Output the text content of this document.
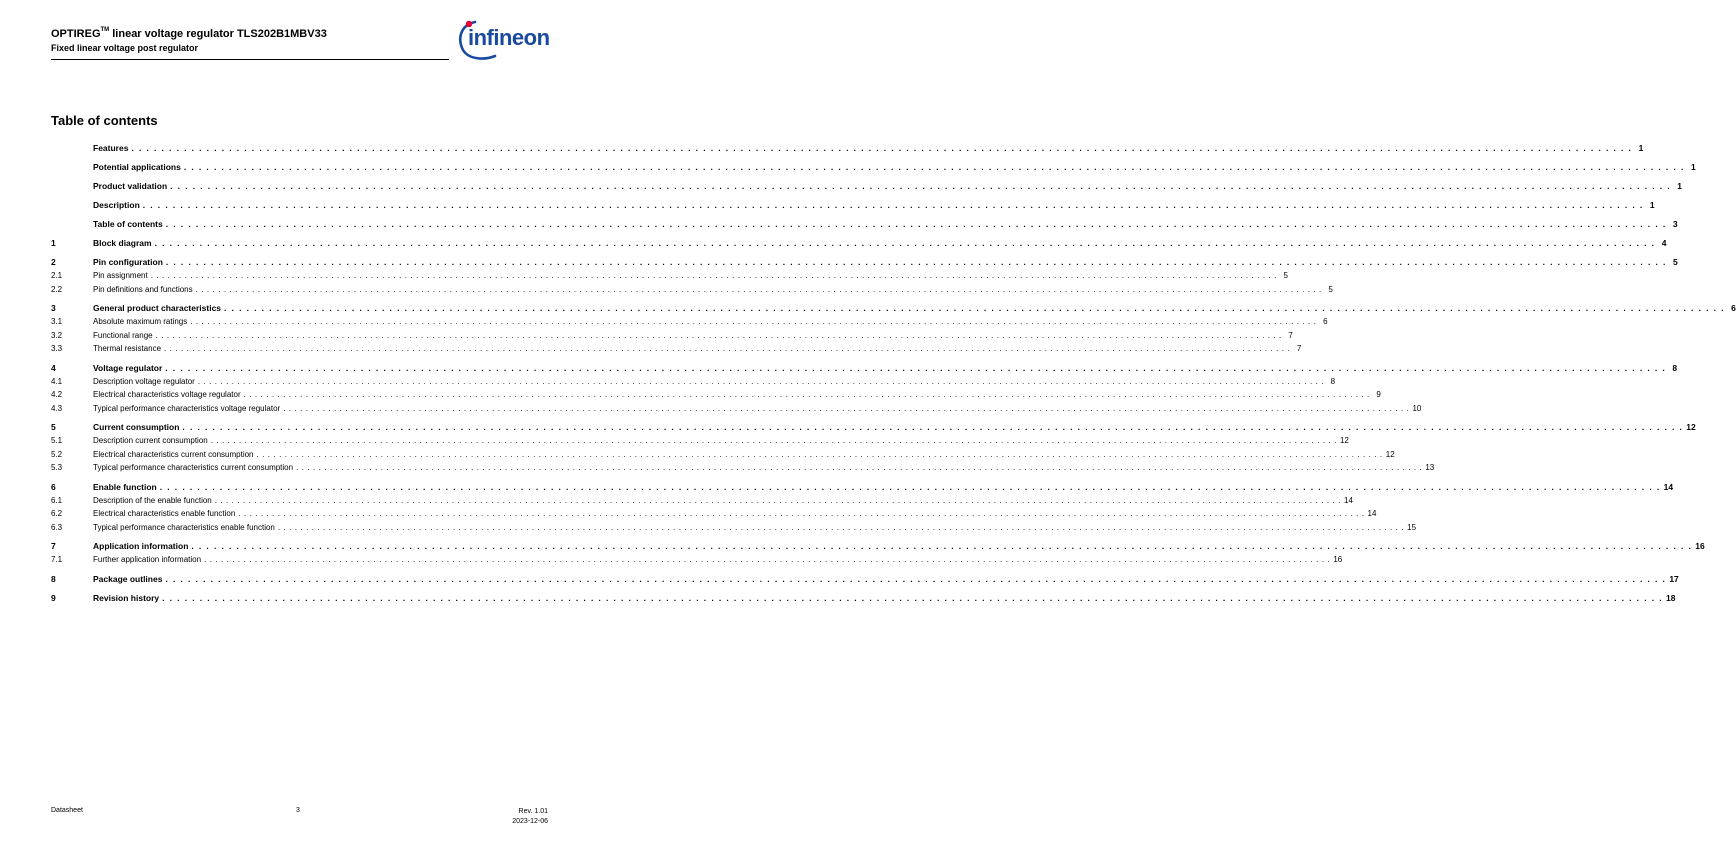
OPTIREG™ linear voltage regulator TLS202B1MBV33
Fixed linear voltage post regulator	infineon
Table of contents
Features . . . . . . . . . . . . . . . . . . . . . . . . . . . . . . . . . . . . . . . . . . . . . . . . . . . . . . . . . . . . . . . . . . . . . . . . . . . . . . . . . . . . . . . . . . . . . . . . . . . . . . . . . . . . . . . . . . . . . . . . . . . . . . . . . . . . . . . . . . . . . . . . . . . . . . . . . . . . . . . . . . . . . . . . . . . . . . . . . . . . . . . . . . . . . . . . . . . . . . . . 1
Potential applications . . . . . . . . . . . . . . . . . . . . . . . . . . . . . . . . . . . . . . . . . . . . . . . . . . . . . . . . . . . . . . . . . . . . . . . . . . . . . . . . . . . . . . . . . . . . . . . . . . . . . . . . . . . . . . . . . . . . . . . . . . . . . . . . . . . . . . . . . . . . . . . . . . . . . . . . . . . . . . . . . . . . . . . . . . . . . . . . . . . . . . . . . . . . . . . . . . . . . . . . 1
Product validation . . . . . . . . . . . . . . . . . . . . . . . . . . . . . . . . . . . . . . . . . . . . . . . . . . . . . . . . . . . . . . . . . . . . . . . . . . . . . . . . . . . . . . . . . . . . . . . . . . . . . . . . . . . . . . . . . . . . . . . . . . . . . . . . . . . . . . . . . . . . . . . . . . . . . . . . . . . . . . . . . . . . . . . . . . . . . . . . . . . . . . . . . . . . . . . . . . . . . . . . 1
Description . . . . . . . . . . . . . . . . . . . . . . . . . . . . . . . . . . . . . . . . . . . . . . . . . . . . . . . . . . . . . . . . . . . . . . . . . . . . . . . . . . . . . . . . . . . . . . . . . . . . . . . . . . . . . . . . . . . . . . . . . . . . . . . . . . . . . . . . . . . . . . . . . . . . . . . . . . . . . . . . . . . . . . . . . . . . . . . . . . . . . . . . . . . . . . . . . . . . . . . . 1
Table of contents . . . . . . . . . . . . . . . . . . . . . . . . . . . . . . . . . . . . . . . . . . . . . . . . . . . . . . . . . . . . . . . . . . . . . . . . . . . . . . . . . . . . . . . . . . . . . . . . . . . . . . . . . . . . . . . . . . . . . . . . . . . . . . . . . . . . . . . . . . . . . . . . . . . . . . . . . . . . . . . . . . . . . . . . . . . . . . . . . . . . . . . . . . . . . . . . . . . . . . . . 3
1	Block diagram . . . . . . . . . . . . . . . . . . . . . . . . . . . . . . . . . . . . . . . . . . . . . . . . . . . . . . . . . . . . . . . . . . . . . . . . . . . . . . . . . . . . . . . . . . . . . . . . . . . . . . . . . . . . . . . . . . . . . . . . . . . . . . . . . . . . . . . . . . . . . . . . . . . . . . . . . . . . . . . . . . . . . . . . . . . . . . . . . . . . . . . . . . . . . . . . . . . . . . . . 4
2	Pin configuration . . . . . . . . . . . . . . . . . . . . . . . . . . . . . . . . . . . . . . . . . . . . . . . . . . . . . . . . . . . . . . . . . . . . . . . . . . . . . . . . . . . . . . . . . . . . . . . . . . . . . . . . . . . . . . . . . . . . . . . . . . . . . . . . . . . . . . . . . . . . . . . . . . . . . . . . . . . . . . . . . . . . . . . . . . . . . . . . . . . . . . . . . . . . . . . . . . . . . . . . 5
2.1	Pin assignment . . . . . . . . . . . . . . . . . . . . . . . . . . . . . . . . . . . . . . . . . . . . . . . . . . . . . . . . . . . . . . . . . . . . . . . . . . . . . . . . . . . . . . . . . . . . . . . . . . . . . . . . . . . . . . . . . . . . . . . . . . . . . . . . . . . . . . . . . . . . . . . . . . . . . . . . . . . . . . . . . . . . . . . . . . . . . . . . . . . . . . . . . . . . . . . . . . . . . . . . 5
2.2	Pin definitions and functions . . . . . . . . . . . . . . . . . . . . . . . . . . . . . . . . . . . . . . . . . . . . . . . . . . . . . . . . . . . . . . . . . . . . . . . . . . . . . . . . . . . . . . . . . . . . . . . . . . . . . . . . . . . . . . . . . . . . . . . . . . . . . . . . . . . . . . . . . . . . . . . . . . . . . . . . . . . . . . . . . . . . . . . . . . . . . . . . . . . . . . . . . . . . . . . . . . . . . . . . 5
3	General product characteristics . . . . . . . . . . . . . . . . . . . . . . . . . . . . . . . . . . . . . . . . . . . . . . . . . . . . . . . . . . . . . . . . . . . . . . . . . . . . . . . . . . . . . . . . . . . . . . . . . . . . . . . . . . . . . . . . . . . . . . . . . . . . . . . . . . . . . . . . . . . . . . . . . . . . . . . . . . . . . . . . . . . . . . . . . . . . . . . . . . . . . . . . . . . . . . . . . . . . . . . . 6
3.1	Absolute maximum ratings . . . . . . . . . . . . . . . . . . . . . . . . . . . . . . . . . . . . . . . . . . . . . . . . . . . . . . . . . . . . . . . . . . . . . . . . . . . . . . . . . . . . . . . . . . . . . . . . . . . . . . . . . . . . . . . . . . . . . . . . . . . . . . . . . . . . . . . . . . . . . . . . . . . . . . . . . . . . . . . . . . . . . . . . . . . . . . . . . . . . . . . . . . . . . . . . . . . . . . . . 6
3.2	Functional range . . . . . . . . . . . . . . . . . . . . . . . . . . . . . . . . . . . . . . . . . . . . . . . . . . . . . . . . . . . . . . . . . . . . . . . . . . . . . . . . . . . . . . . . . . . . . . . . . . . . . . . . . . . . . . . . . . . . . . . . . . . . . . . . . . . . . . . . . . . . . . . . . . . . . . . . . . . . . . . . . . . . . . . . . . . . . . . . . . . . . . . . . . . . . . . . . . . . . . . . 7
3.3	Thermal resistance . . . . . . . . . . . . . . . . . . . . . . . . . . . . . . . . . . . . . . . . . . . . . . . . . . . . . . . . . . . . . . . . . . . . . . . . . . . . . . . . . . . . . . . . . . . . . . . . . . . . . . . . . . . . . . . . . . . . . . . . . . . . . . . . . . . . . . . . . . . . . . . . . . . . . . . . . . . . . . . . . . . . . . . . . . . . . . . . . . . . . . . . . . . . . . . . . . . . . . . . 7
4	Voltage regulator . . . . . . . . . . . . . . . . . . . . . . . . . . . . . . . . . . . . . . . . . . . . . . . . . . . . . . . . . . . . . . . . . . . . . . . . . . . . . . . . . . . . . . . . . . . . . . . . . . . . . . . . . . . . . . . . . . . . . . . . . . . . . . . . . . . . . . . . . . . . . . . . . . . . . . . . . . . . . . . . . . . . . . . . . . . . . . . . . . . . . . . . . . . . . . . . . . . . . . . . 8
4.1	Description voltage regulator . . . . . . . . . . . . . . . . . . . . . . . . . . . . . . . . . . . . . . . . . . . . . . . . . . . . . . . . . . . . . . . . . . . . . . . . . . . . . . . . . . . . . . . . . . . . . . . . . . . . . . . . . . . . . . . . . . . . . . . . . . . . . . . . . . . . . . . . . . . . . . . . . . . . . . . . . . . . . . . . . . . . . . . . . . . . . . . . . . . . . . . . . . . . . . . . . . . . . . . . 8
4.2	Electrical characteristics voltage regulator . . . . . . . . . . . . . . . . . . . . . . . . . . . . . . . . . . . . . . . . . . . . . . . . . . . . . . . . . . . . . . . . . . . . . . . . . . . . . . . . . . . . . . . . . . . . . . . . . . . . . . . . . . . . . . . . . . . . . . . . . . . . . . . . . . . . . . . . . . . . . . . . . . . . . . . . . . . . . . . . . . . . . . . . . . . . . . . . . . . . . . . . . . . . . . . . . . . . . . . . 9
4.3	Typical performance characteristics voltage regulator . . . . . . . . . . . . . . . . . . . . . . . . . . . . . . . . . . . . . . . . . . . . . . . . . . . . . . . . . . . . . . . . . . . . . . . . . . . . . . . . . . . . . . . . . . . . . . . . . . . . . . . . . . . . . . . . . . . . . . . . . . . . . . . . . . . . . . . . . . . . . . . . . . . . . . . . . . . . . . . . . . . . . . . . . . . . . . . . . . . . . . . . . . . . . . . . . . . . . . . . 10
5	Current consumption . . . . . . . . . . . . . . . . . . . . . . . . . . . . . . . . . . . . . . . . . . . . . . . . . . . . . . . . . . . . . . . . . . . . . . . . . . . . . . . . . . . . . . . . . . . . . . . . . . . . . . . . . . . . . . . . . . . . . . . . . . . . . . . . . . . . . . . . . . . . . . . . . . . . . . . . . . . . . . . . . . . . . . . . . . . . . . . . . . . . . . . . . . . . . . . . . . . . . . . . 12
5.1	Description current consumption . . . . . . . . . . . . . . . . . . . . . . . . . . . . . . . . . . . . . . . . . . . . . . . . . . . . . . . . . . . . . . . . . . . . . . . . . . . . . . . . . . . . . . . . . . . . . . . . . . . . . . . . . . . . . . . . . . . . . . . . . . . . . . . . . . . . . . . . . . . . . . . . . . . . . . . . . . . . . . . . . . . . . . . . . . . . . . . . . . . . . . . . . . . . . . . . . . . . . . . . 12
5.2	Electrical characteristics current consumption . . . . . . . . . . . . . . . . . . . . . . . . . . . . . . . . . . . . . . . . . . . . . . . . . . . . . . . . . . . . . . . . . . . . . . . . . . . . . . . . . . . . . . . . . . . . . . . . . . . . . . . . . . . . . . . . . . . . . . . . . . . . . . . . . . . . . . . . . . . . . . . . . . . . . . . . . . . . . . . . . . . . . . . . . . . . . . . . . . . . . . . . . . . . . . . . . . . . . . . . 12
5.3	Typical performance characteristics current consumption . . . . . . . . . . . . . . . . . . . . . . . . . . . . . . . . . . . . . . . . . . . . . . . . . . . . . . . . . . . . . . . . . . . . . . . . . . . . . . . . . . . . . . . . . . . . . . . . . . . . . . . . . . . . . . . . . . . . . . . . . . . . . . . . . . . . . . . . . . . . . . . . . . . . . . . . . . . . . . . . . . . . . . . . . . . . . . . . . . . . . . . . . . . . . . . . . . . . . . . . 13
6	Enable function . . . . . . . . . . . . . . . . . . . . . . . . . . . . . . . . . . . . . . . . . . . . . . . . . . . . . . . . . . . . . . . . . . . . . . . . . . . . . . . . . . . . . . . . . . . . . . . . . . . . . . . . . . . . . . . . . . . . . . . . . . . . . . . . . . . . . . . . . . . . . . . . . . . . . . . . . . . . . . . . . . . . . . . . . . . . . . . . . . . . . . . . . . . . . . . . . . . . . . . . 14
6.1	Description of the enable function . . . . . . . . . . . . . . . . . . . . . . . . . . . . . . . . . . . . . . . . . . . . . . . . . . . . . . . . . . . . . . . . . . . . . . . . . . . . . . . . . . . . . . . . . . . . . . . . . . . . . . . . . . . . . . . . . . . . . . . . . . . . . . . . . . . . . . . . . . . . . . . . . . . . . . . . . . . . . . . . . . . . . . . . . . . . . . . . . . . . . . . . . . . . . . . . . . . . . . . . 14
6.2	Electrical characteristics enable function . . . . . . . . . . . . . . . . . . . . . . . . . . . . . . . . . . . . . . . . . . . . . . . . . . . . . . . . . . . . . . . . . . . . . . . . . . . . . . . . . . . . . . . . . . . . . . . . . . . . . . . . . . . . . . . . . . . . . . . . . . . . . . . . . . . . . . . . . . . . . . . . . . . . . . . . . . . . . . . . . . . . . . . . . . . . . . . . . . . . . . . . . . . . . . . . . . . . . . . . 14
6.3	Typical performance characteristics enable function . . . . . . . . . . . . . . . . . . . . . . . . . . . . . . . . . . . . . . . . . . . . . . . . . . . . . . . . . . . . . . . . . . . . . . . . . . . . . . . . . . . . . . . . . . . . . . . . . . . . . . . . . . . . . . . . . . . . . . . . . . . . . . . . . . . . . . . . . . . . . . . . . . . . . . . . . . . . . . . . . . . . . . . . . . . . . . . . . . . . . . . . . . . . . . . . . . . . . . . . 15
7	Application information . . . . . . . . . . . . . . . . . . . . . . . . . . . . . . . . . . . . . . . . . . . . . . . . . . . . . . . . . . . . . . . . . . . . . . . . . . . . . . . . . . . . . . . . . . . . . . . . . . . . . . . . . . . . . . . . . . . . . . . . . . . . . . . . . . . . . . . . . . . . . . . . . . . . . . . . . . . . . . . . . . . . . . . . . . . . . . . . . . . . . . . . . . . . . . . . . . . . . . . . 16
7.1	Further application information . . . . . . . . . . . . . . . . . . . . . . . . . . . . . . . . . . . . . . . . . . . . . . . . . . . . . . . . . . . . . . . . . . . . . . . . . . . . . . . . . . . . . . . . . . . . . . . . . . . . . . . . . . . . . . . . . . . . . . . . . . . . . . . . . . . . . . . . . . . . . . . . . . . . . . . . . . . . . . . . . . . . . . . . . . . . . . . . . . . . . . . . . . . . . . . . . . . . . . . . 16
8	Package outlines . . . . . . . . . . . . . . . . . . . . . . . . . . . . . . . . . . . . . . . . . . . . . . . . . . . . . . . . . . . . . . . . . . . . . . . . . . . . . . . . . . . . . . . . . . . . . . . . . . . . . . . . . . . . . . . . . . . . . . . . . . . . . . . . . . . . . . . . . . . . . . . . . . . . . . . . . . . . . . . . . . . . . . . . . . . . . . . . . . . . . . . . . . . . . . . . . . . . . . . . 17
9	Revision history . . . . . . . . . . . . . . . . . . . . . . . . . . . . . . . . . . . . . . . . . . . . . . . . . . . . . . . . . . . . . . . . . . . . . . . . . . . . . . . . . . . . . . . . . . . . . . . . . . . . . . . . . . . . . . . . . . . . . . . . . . . . . . . . . . . . . . . . . . . . . . . . . . . . . . . . . . . . . . . . . . . . . . . . . . . . . . . . . . . . . . . . . . . . . . . . . . . . . . . . 18
Datasheet	3	Rev. 1.01
2023-12-06
